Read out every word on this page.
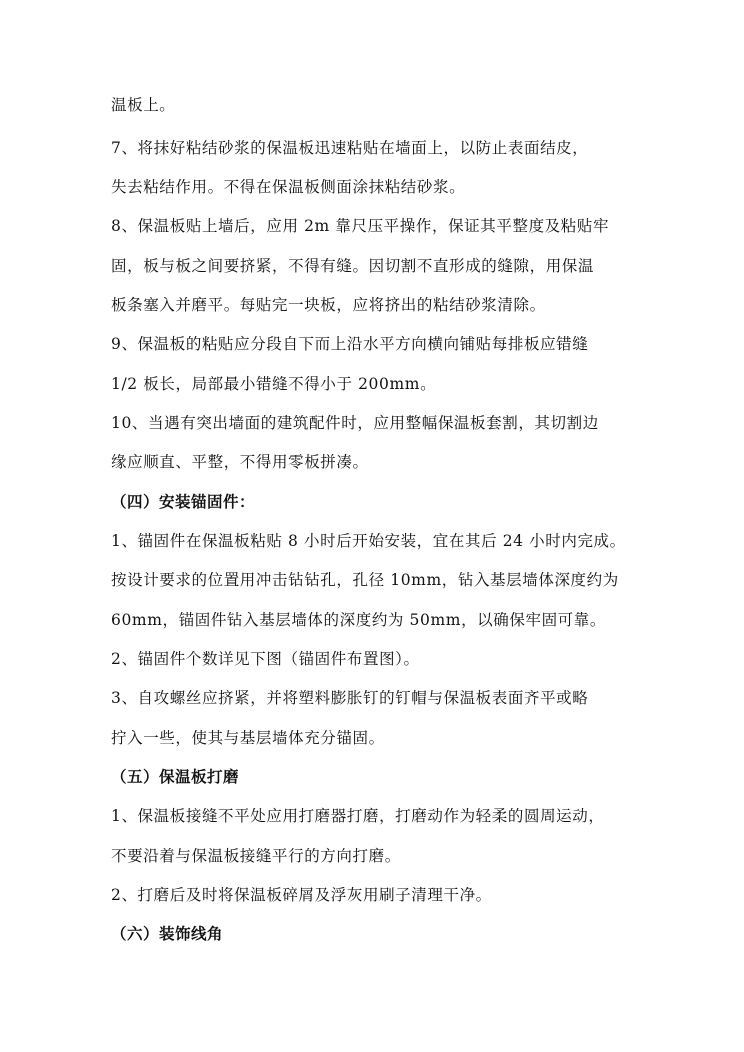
温板上。
7、将抹好粘结砂浆的保温板迅速粘贴在墙面上，以防止表面结皮，
失去粘结作用。不得在保温板侧面涂抹粘结砂浆。
8、保温板贴上墙后，应用 2m 靠尺压平操作，保证其平整度及粘贴牢
固，板与板之间要挤紧，不得有缝。因切割不直形成的缝隙，用保温
板条塞入并磨平。每贴完一块板，应将挤出的粘结砂浆清除。
9、保温板的粘贴应分段自下而上沿水平方向横向铺贴每排板应错缝
1/2 板长，局部最小错缝不得小于 200mm。
10、当遇有突出墙面的建筑配件时，应用整幅保温板套割，其切割边
缘应顺直、平整，不得用零板拼凑。
（四）安装锚固件：
1、锚固件在保温板粘贴 8 小时后开始安装，宜在其后 24 小时内完成。
按设计要求的位置用冲击钻钻孔，孔径 10mm，钻入基层墙体深度约为
60mm，锚固件钻入基层墙体的深度约为 50mm，以确保牢固可靠。
2、锚固件个数详见下图（锚固件布置图）。
3、自攻螺丝应挤紧，并将塑料膨胀钉的钉帽与保温板表面齐平或略
拧入一些，使其与基层墙体充分锚固。
（五）保温板打磨
1、保温板接缝不平处应用打磨器打磨，打磨动作为轻柔的圆周运动，
不要沿着与保温板接缝平行的方向打磨。
2、打磨后及时将保温板碎屑及浮灰用刷子清理干净。
（六）装饰线角
